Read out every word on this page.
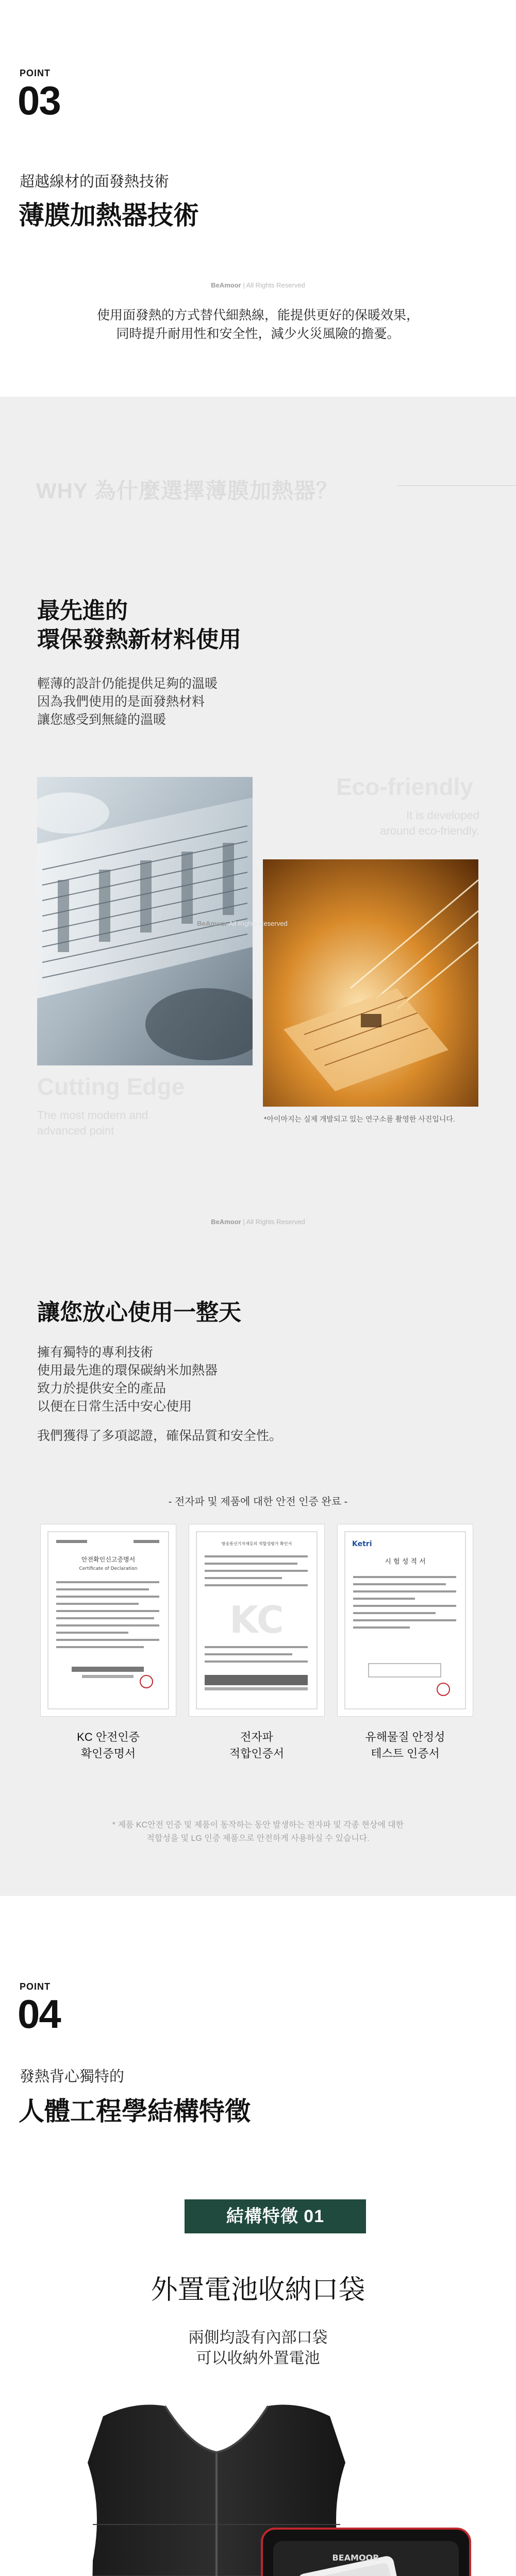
POINT
03
超越線材的面發熱技術
薄膜加熱器技術
BeAmoor | All Rights Reserved
使用面發熱的方式替代細熱線，能提供更好的保暖效果，
同時提升耐用性和安全性，減少火災風險的擔憂。
WHY 為什麼選擇薄膜加熱器？
最先進的
環保發熱新材料使用
輕薄的設計仍能提供足夠的溫暖
因為我們使用的是面發熱材料
讓您感受到無縫的溫暖
Eco-friendly
It is developed
around eco-friendly.
BeAmoor All Rights Reserved
Cutting Edge
The most modern and
advanced point
*아이마지는 실제 개발되고 있는 연구소를 촬영한 사진입니다.
BeAmoor | All Rights Reserved
讓您放心使用一整天
擁有獨特的專利技術
使用最先進的環保碳納米加熱器
致力於提供安全的產品
以便在日常生活中安心使用
我們獲得了多項認證，確保品質和安全性。
- 전자파 및 제품에 대한 안전 인증 완료 -
안전확인신고증명서
Certificate of Declaration
KC 안전인증
확인증명서
방송통신기자재등의 적합성평가 확인서
KC
전자파
적합인증서
Ketri
시 험 성 적 서
유해물질 안정성
테스트 인증서
* 제품 KC안전 인증 및 제품이 동작하는 동안 발생하는 전자파 및 각종 현상에 대한
적합성을 및 LG 인증 제품으로 안전하게 사용하실 수 있습니다.
POINT
04
發熱背心獨特的
人體工程學結構特徵
結構特徵 01
外置電池收納口袋
兩側均設有內部口袋
可以收納外置電池
BEAMOOR
